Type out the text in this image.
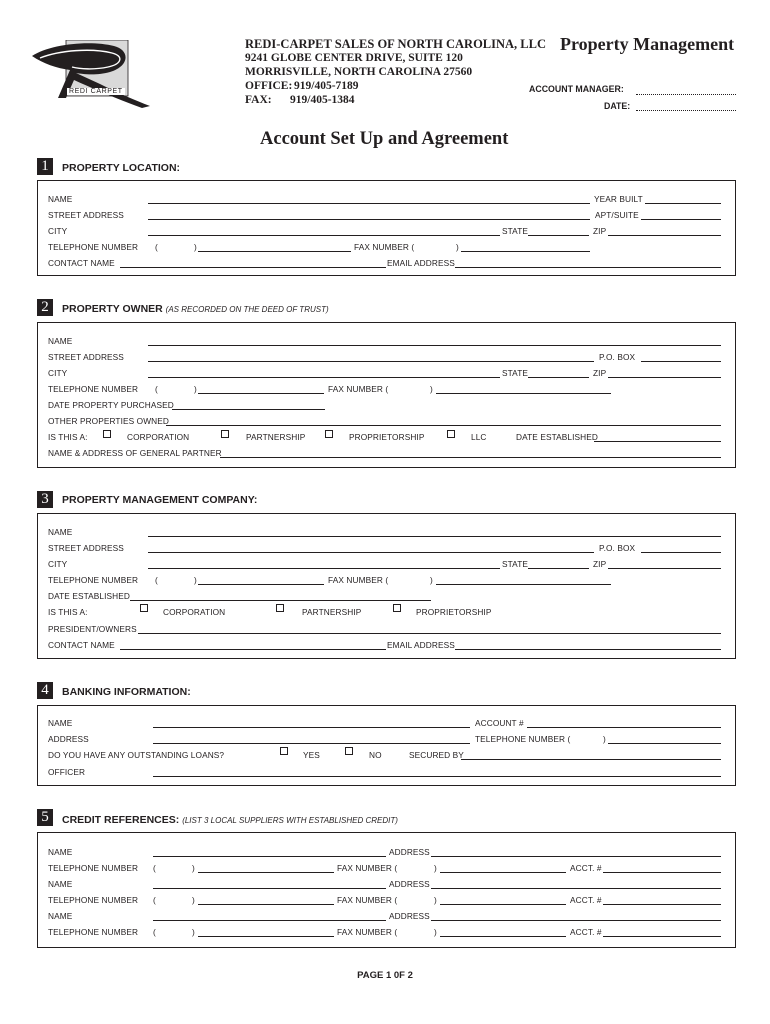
REDI CARPET
REDI-CARPET SALES OF NORTH CAROLINA, LLC
9241 GLOBE CENTER DRIVE, SUITE 120
MORRISVILLE, NORTH CAROLINA 27560
OFFICE: 919/405-7189
FAX: 919/405-1384
Property Management
ACCOUNT MANAGER:
DATE:
Account Set Up and Agreement
1	PROPERTY LOCATION:
NAME	YEAR BUILT
STREET ADDRESS	APT/SUITE
CITY	STATE	ZIP
TELEPHONE NUMBER (	)	FAX NUMBER (	)
CONTACT NAME	EMAIL ADDRESS
2	PROPERTY OWNER (AS RECORDED ON THE DEED OF TRUST)
NAME
STREET ADDRESS	P.O. BOX
CITY	STATE	ZIP
TELEPHONE NUMBER (	)	FAX NUMBER (	)
DATE PROPERTY PURCHASED
OTHER PROPERTIES OWNED
IS THIS A:	CORPORATION	PARTNERSHIP	PROPRIETORSHIP	LLC	DATE ESTABLISHED
NAME & ADDRESS OF GENERAL PARTNER
3	PROPERTY MANAGEMENT COMPANY:
NAME
STREET ADDRESS	P.O. BOX
CITY	STATE	ZIP
TELEPHONE NUMBER (	)	FAX NUMBER (	)
DATE ESTABLISHED
IS THIS A:	CORPORATION	PARTNERSHIP	PROPRIETORSHIP
PRESIDENT/OWNERS
CONTACT NAME	EMAIL ADDRESS
4	BANKING INFORMATION:
NAME	ACCOUNT #
ADDRESS	TELEPHONE NUMBER (	)
DO YOU HAVE ANY OUTSTANDING LOANS?	YES	NO	SECURED BY
OFFICER
5	CREDIT REFERENCES: (LIST 3 LOCAL SUPPLIERS WITH ESTABLISHED CREDIT)
NAME	ADDRESS
TELEPHONE NUMBER (	)	FAX NUMBER (	)	ACCT. #
NAME	ADDRESS
TELEPHONE NUMBER (	)	FAX NUMBER (	)	ACCT. #
NAME	ADDRESS
TELEPHONE NUMBER (	)	FAX NUMBER (	)	ACCT. #
PAGE 1 0F 2
